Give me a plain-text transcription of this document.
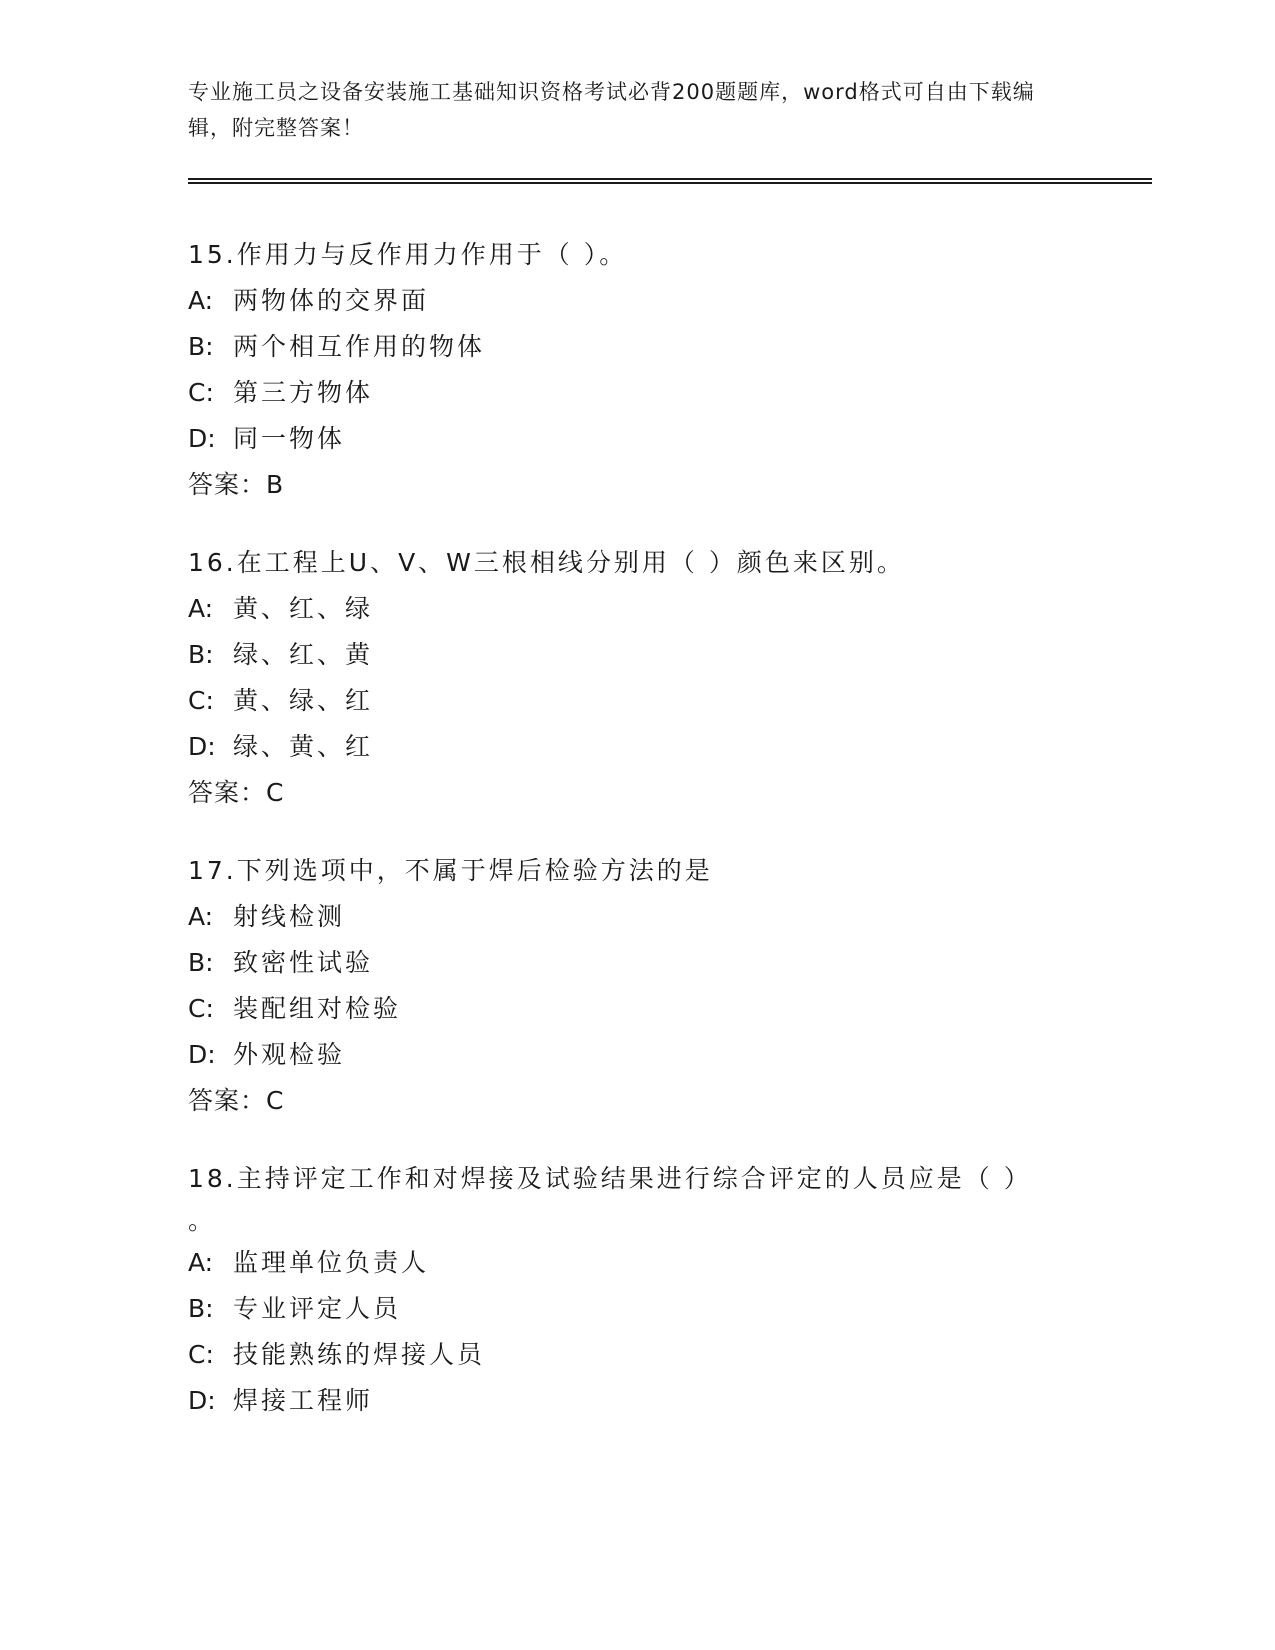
专业施工员之设备安装施工基础知识资格考试必背200题题库，word格式可自由下载编辑，附完整答案！
15.作用力与反作用力作用于（ ）。
A: 两物体的交界面
B: 两个相互作用的物体
C: 第三方物体
D: 同一物体
答案：B
16.在工程上U、V、W三根相线分别用（ ）颜色来区别。
A: 黄、红、绿
B: 绿、红、黄
C: 黄、绿、红
D: 绿、黄、红
答案：C
17.下列选项中，不属于焊后检验方法的是
A: 射线检测
B: 致密性试验
C: 装配组对检验
D: 外观检验
答案：C
18.主持评定工作和对焊接及试验结果进行综合评定的人员应是（ ）
。
A: 监理单位负责人
B: 专业评定人员
C: 技能熟练的焊接人员
D: 焊接工程师
